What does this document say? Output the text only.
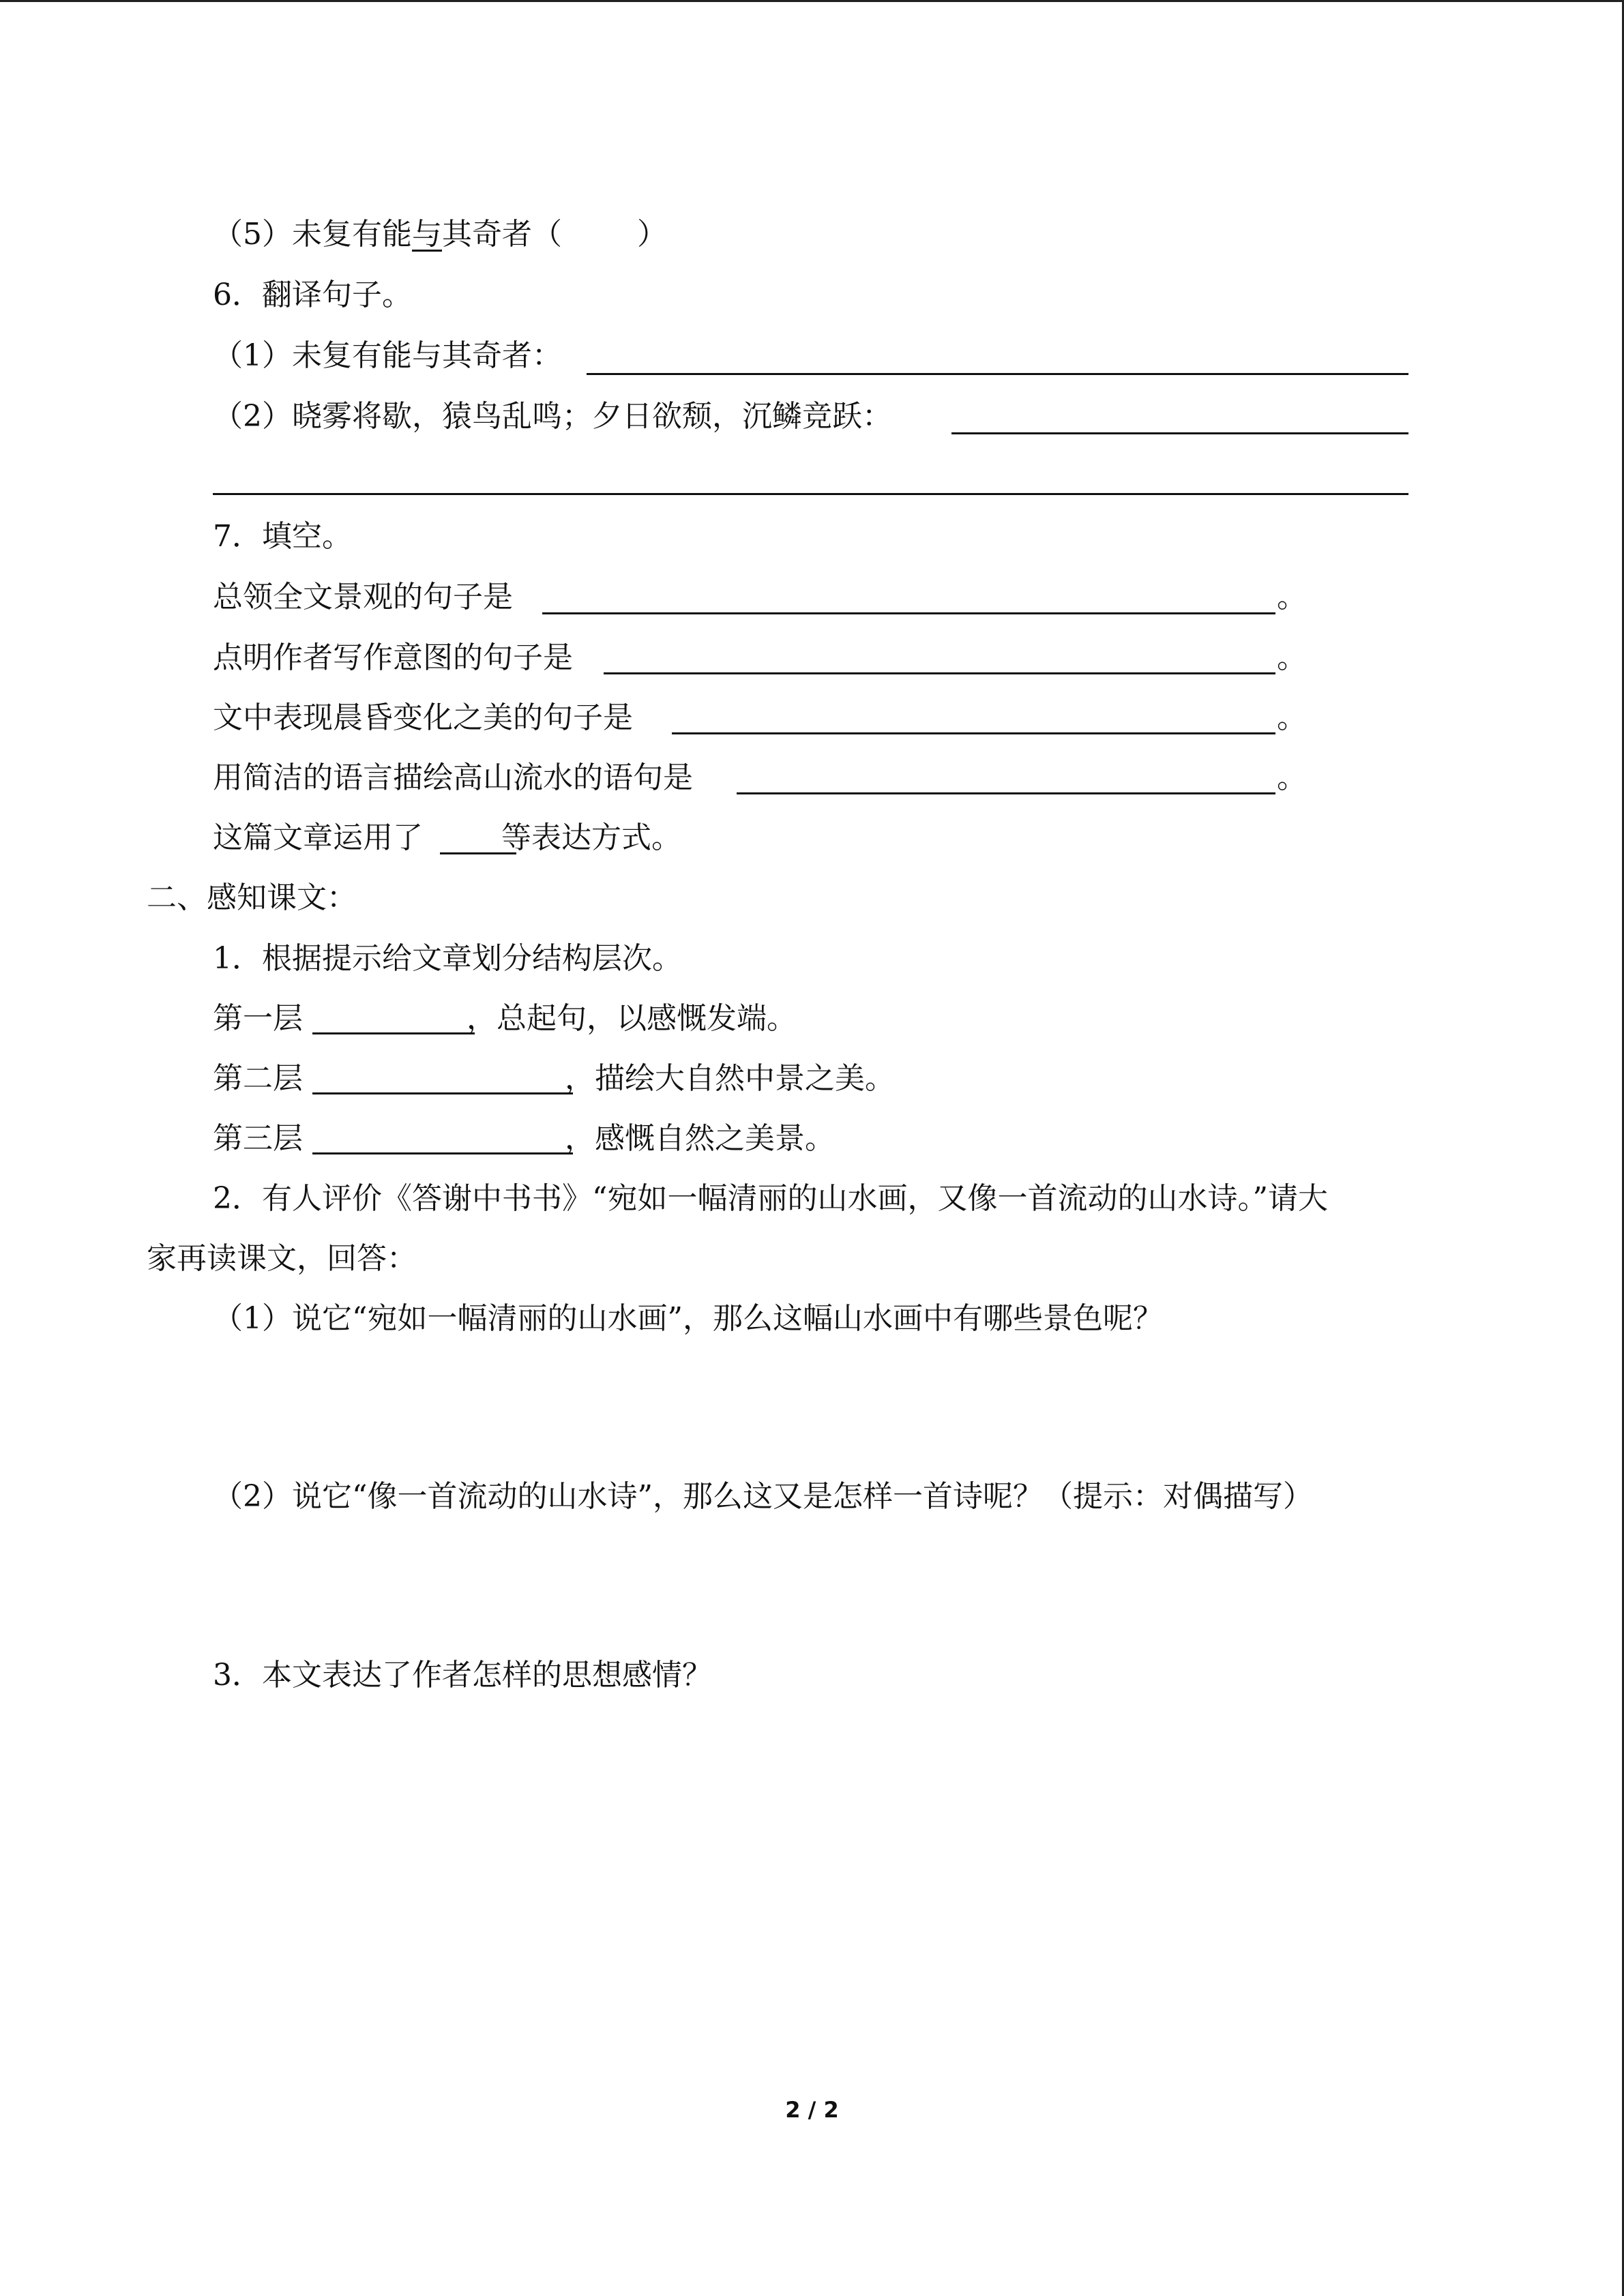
（5）未复有能与其奇者（	）
6．翻译句子。
（1）未复有能与其奇者：
（2）晓雾将歇，猿鸟乱鸣；夕日欲颓，沉鳞竞跃：
7．填空。
总领全文景观的句子是	。
点明作者写作意图的句子是	。
文中表现晨昏变化之美的句子是	。
用简洁的语言描绘高山流水的语句是	。
这篇文章运用了	等表达方式。
二、感知课文：
1．根据提示给文章划分结构层次。
第一层	，总起句，以感慨发端。
第二层	，描绘大自然中景之美。
第三层	，感慨自然之美景。
2．有人评价《答谢中书书》“宛如一幅清丽的山水画，又像一首流动的山水诗。”请大
家再读课文，回答：
（1）说它“宛如一幅清丽的山水画”，那么这幅山水画中有哪些景色呢？
（2）说它“像一首流动的山水诗”，那么这又是怎样一首诗呢？（提示：对偶描写）
3．本文表达了作者怎样的思想感情？
2 / 2
